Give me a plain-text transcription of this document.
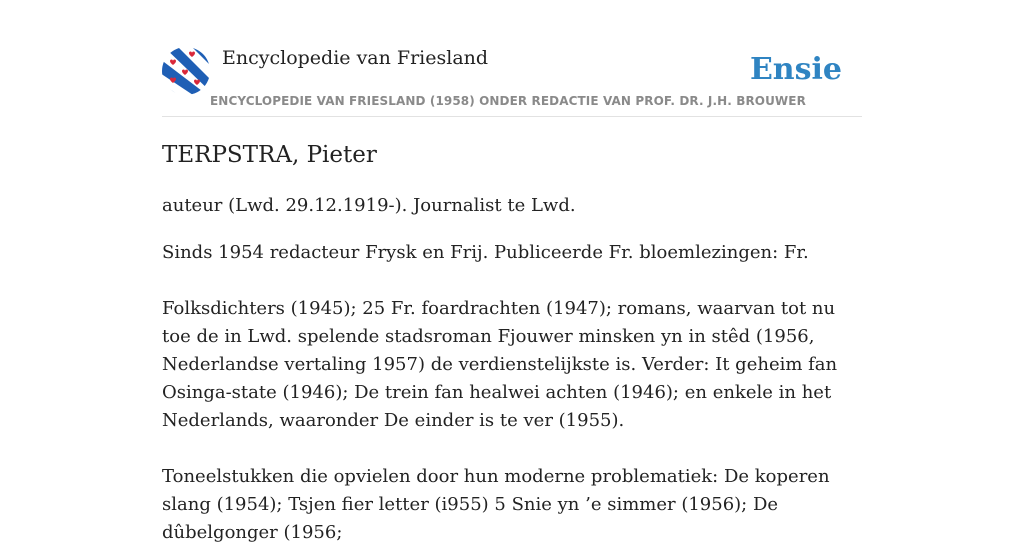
Encyclopedie van Friesland	Ensie
ENCYCLOPEDIE VAN FRIESLAND (1958) ONDER REDACTIE VAN PROF. DR. J.H. BROUWER
TERPSTRA, Pieter

auteur (Lwd. 29.12.1919-). Journalist te Lwd.

Sinds 1954 redacteur Frysk en Frij. Publiceerde Fr. bloemlezingen: Fr.

Folksdichters (1945); 25 Fr. foardrachten (1947); romans, waarvan tot nu toe de in Lwd. spelende stadsroman Fjouwer minsken yn in stêd (1956, Nederlandse vertaling 1957) de verdienstelijkste is. Verder: It geheim fan Osinga-state (1946); De trein fan healwei achten (1946); en enkele in het Nederlands, waaronder De einder is te ver (1955).

Toneelstukken die opvielen door hun moderne problematiek: De koperen slang (1954); Tsjen fier letter (i955) 5 Snie yn ’e simmer (1956); De dûbelgonger (1956;
